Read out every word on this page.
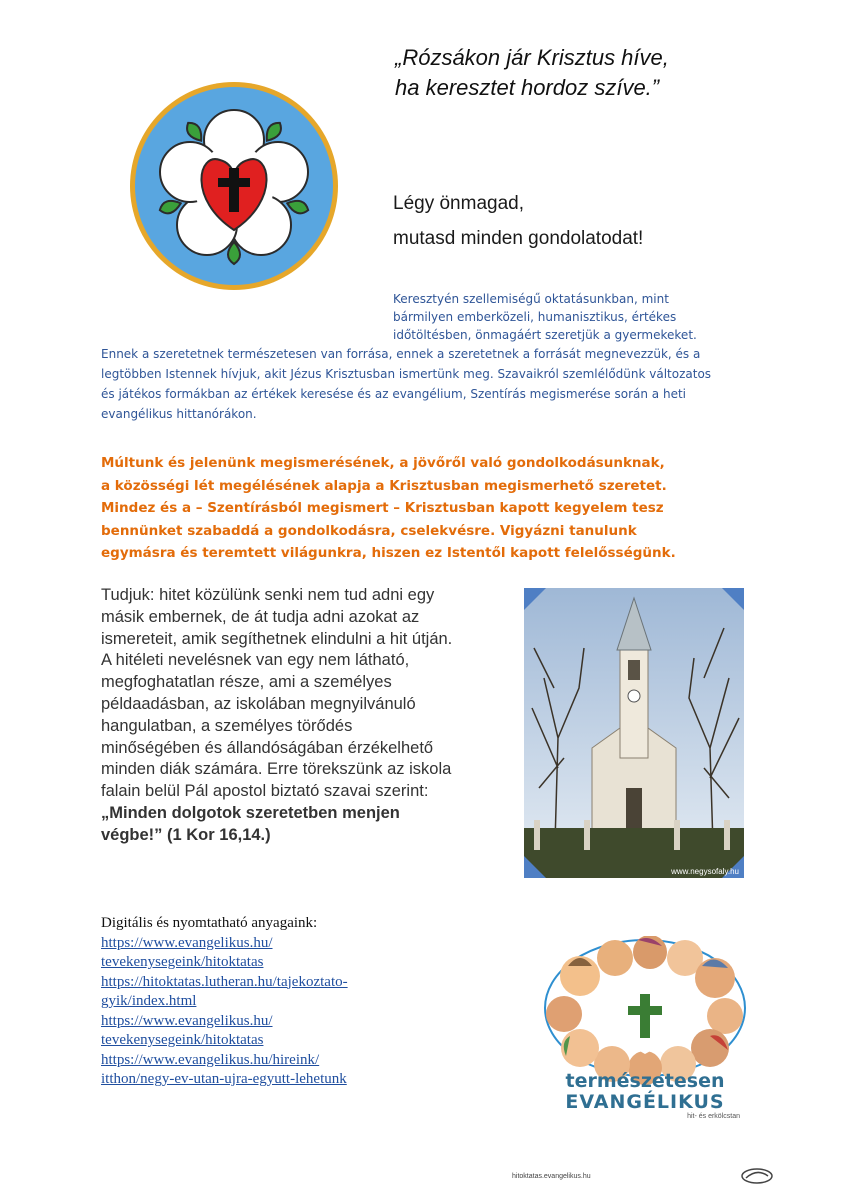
„Rózsákon jár Krisztus híve,
ha keresztet hordoz szíve.”
Légy önmagad,
mutasd minden gondolatodat!
Keresztyén szellemiségű oktatásunkban, mint
bármilyen emberközeli, humanisztikus, értékes
időtöltésben, önmagáért szeretjük a gyermekeket.
Ennek a szeretetnek természetesen van forrása, ennek a szeretetnek a forrását megnevezzük, és a
legtöbben Istennek hívjuk, akit Jézus Krisztusban ismertünk meg. Szavaikról szemlélődünk változatos
és játékos formákban az értékek keresése és az evangélium, Szentírás megismerése során a heti
evangélikus hittanórákon.
Múltunk és jelenünk megismerésének, a jövőről való gondolkodásunknak,
a közösségi lét megélésének alapja a Krisztusban megismerhető szeretet.
Mindez és a – Szentírásból megismert – Krisztusban kapott kegyelem tesz
bennünket szabaddá a gondolkodásra, cselekvésre. Vigyázni tanulunk
egymásra és teremtett világunkra, hiszen ez Istentől kapott felelősségünk.
Tudjuk: hitet közülünk senki nem tud adni egy
másik embernek, de át tudja adni azokat az
ismereteit, amik segíthetnek elindulni a hit útján.
A hitéleti nevelésnek van egy nem látható,
megfoghatatlan része, ami a személyes
példaadásban, az iskolában megnyilvánuló
hangulatban, a személyes törődés
minőségében és állandóságában érzékelhető
minden diák számára. Erre törekszünk az iskola
falain belül Pál apostol biztató szavai szerint:
„Minden dolgotok szeretetben menjen
végbe!” (1 Kor 16,14.)
www.negysofaly.hu
Digitális és nyomtatható anyagaink:
https://www.evangelikus.hu/
tevekenysegeink/hitoktatas
https://hitoktatas.lutheran.hu/tajekoztato-
gyik/index.html
https://www.evangelikus.hu/
tevekenysegeink/hitoktatas
https://www.evangelikus.hu/hireink/
itthon/negy-ev-utan-ujra-egyutt-lehetunk	természetesen
EVANGÉLIKUS
hit- és erkölcstan
hitoktatas.evangelikus.hu
